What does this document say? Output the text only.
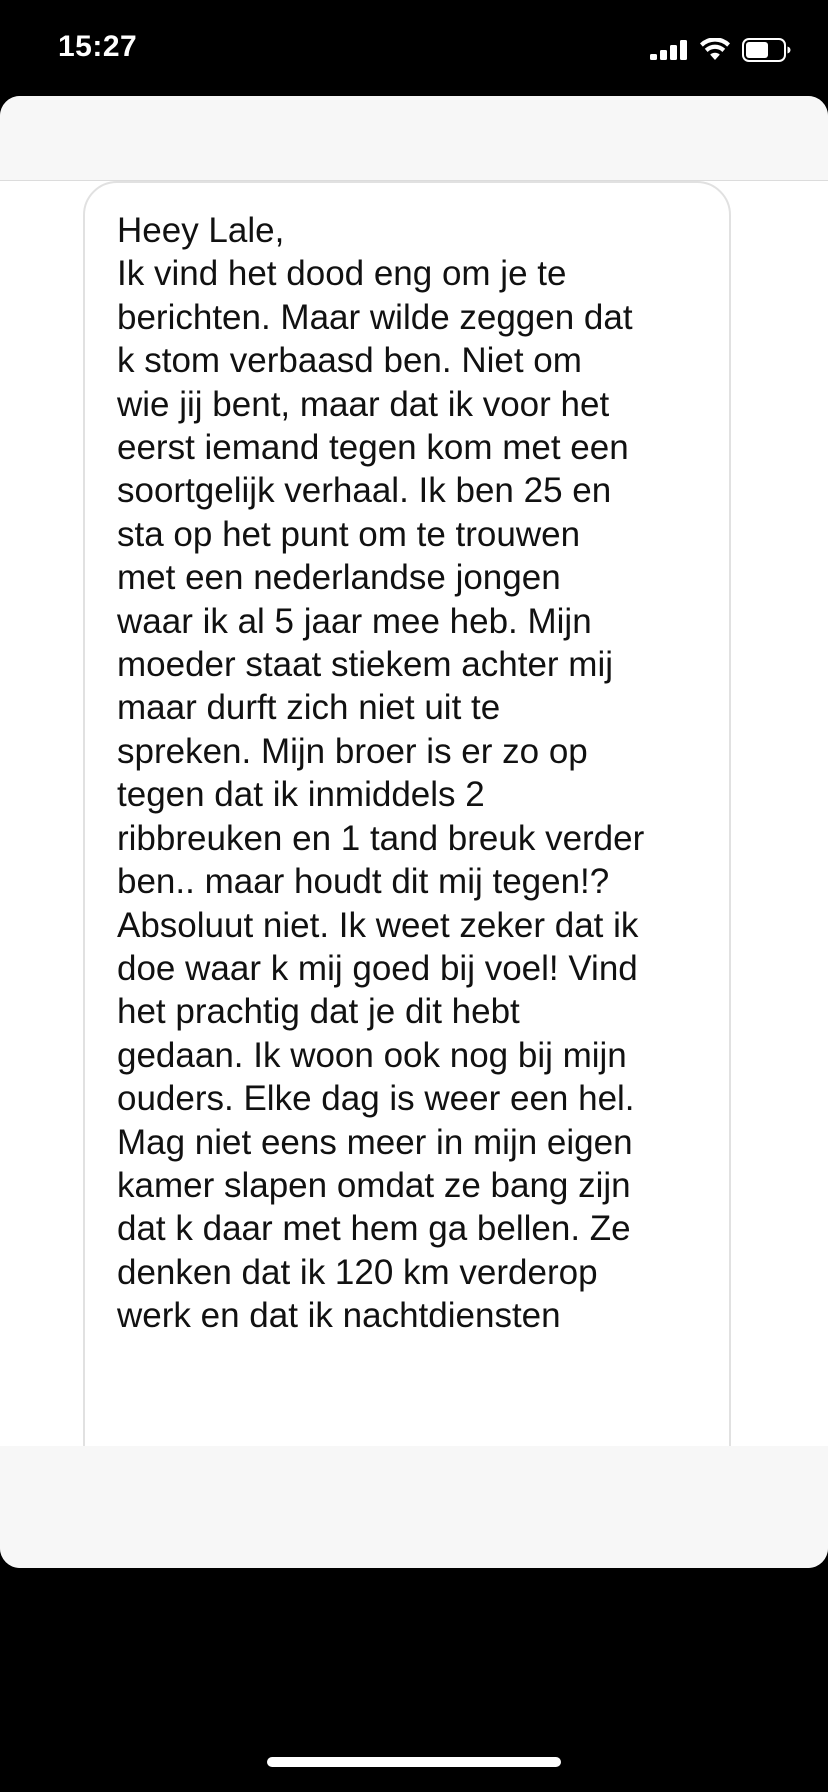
15:27

Heey Lale,
Ik vind het dood eng om je te
berichten. Maar wilde zeggen dat
k stom verbaasd ben. Niet om
wie jij bent, maar dat ik voor het
eerst iemand tegen kom met een
soortgelijk verhaal. Ik ben 25 en
sta op het punt om te trouwen
met een nederlandse jongen
waar ik al 5 jaar mee heb. Mijn
moeder staat stiekem achter mij
maar durft zich niet uit te
spreken. Mijn broer is er zo op
tegen dat ik inmiddels 2
ribbreuken en 1 tand breuk verder
ben.. maar houdt dit mij tegen!?
Absoluut niet. Ik weet zeker dat ik
doe waar k mij goed bij voel! Vind
het prachtig dat je dit hebt
gedaan. Ik woon ook nog bij mijn
ouders. Elke dag is weer een hel.
Mag niet eens meer in mijn eigen
kamer slapen omdat ze bang zijn
dat k daar met hem ga bellen. Ze
denken dat ik 120 km verderop
werk en dat ik nachtdiensten
